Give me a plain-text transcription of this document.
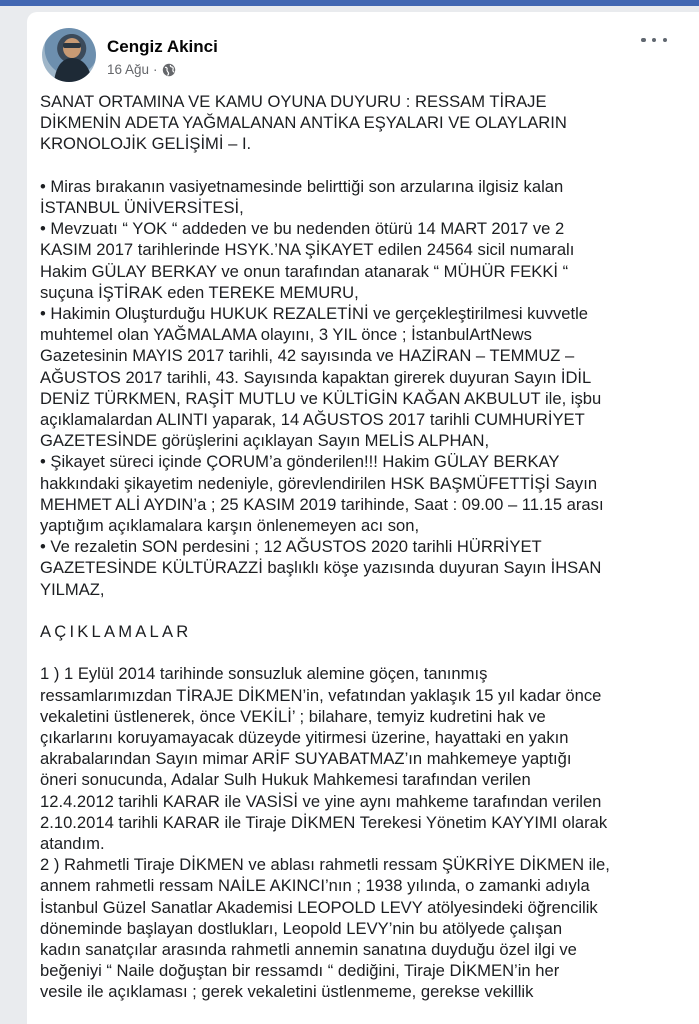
Cengiz Akinci
16 Ağu ·

SANAT ORTAMINA VE KAMU OYUNA DUYURU : RESSAM TİRAJE
DİKMENİN ADETA YAĞMALANAN ANTİKA EŞYALARI VE OLAYLARIN
KRONOLOJİK GELİŞİMİ – I.

• Miras bırakanın vasiyetnamesinde belirttiği son arzularına ilgisiz kalan
İSTANBUL ÜNİVERSİTESİ,
• Mevzuatı “ YOK “ addeden ve bu nedenden ötürü 14 MART 2017 ve 2
KASIM 2017 tarihlerinde HSYK.’NA ŞİKAYET edilen 24564 sicil numaralı
Hakim GÜLAY BERKAY ve onun tarafından atanarak “ MÜHÜR FEKKİ “
suçuna İŞTİRAK eden TEREKE MEMURU,
• Hakimin Oluşturduğu HUKUK REZALETİNİ ve gerçekleştirilmesi kuvvetle
muhtemel olan YAĞMALAMA olayını, 3 YIL önce ; İstanbulArtNews
Gazetesinin MAYIS 2017 tarihli, 42 sayısında ve HAZİRAN – TEMMUZ –
AĞUSTOS 2017 tarihli, 43. Sayısında kapaktan girerek duyuran Sayın İDİL
DENİZ TÜRKMEN, RAŞİT MUTLU ve KÜLTİGİN KAĞAN AKBULUT ile, işbu
açıklamalardan ALINTI yaparak, 14 AĞUSTOS 2017 tarihli CUMHURİYET
GAZETESİNDE görüşlerini açıklayan Sayın MELİS ALPHAN,
• Şikayet süreci içinde ÇORUM’a gönderilen!!! Hakim GÜLAY BERKAY
hakkındaki şikayetim nedeniyle, görevlendirilen HSK BAŞMÜFETTİŞİ Sayın
MEHMET ALİ AYDIN’a ; 25 KASIM 2019 tarihinde, Saat : 09.00 – 11.15 arası
yaptığım açıklamalara karşın önlenemeyen acı son,
• Ve rezaletin SON perdesini ; 12 AĞUSTOS 2020 tarihli HÜRRİYET
GAZETESİNDE KÜLTÜRAZZİ başlıklı köşe yazısında duyuran Sayın İHSAN
YILMAZ,

AÇIKLAMALAR

1 ) 1 Eylül 2014 tarihinde sonsuzluk alemine göçen, tanınmış
ressamlarımızdan TİRAJE DİKMEN’in, vefatından yaklaşık 15 yıl kadar önce
vekaletini üstlenerek, önce VEKİLİ’ ; bilahare, temyiz kudretini hak ve
çıkarlarını koruyamayacak düzeyde yitirmesi üzerine, hayattaki en yakın
akrabalarından Sayın mimar ARİF SUYABATMAZ’ın mahkemeye yaptığı
öneri sonucunda, Adalar Sulh Hukuk Mahkemesi tarafından verilen
12.4.2012 tarihli KARAR ile VASİSİ ve yine aynı mahkeme tarafından verilen
2.10.2014 tarihli KARAR ile Tiraje DİKMEN Terekesi Yönetim KAYYIMI olarak
atandım.
2 ) Rahmetli Tiraje DİKMEN ve ablası rahmetli ressam ŞÜKRİYE DİKMEN ile,
annem rahmetli ressam NAİLE AKINCI’nın ; 1938 yılında, o zamanki adıyla
İstanbul Güzel Sanatlar Akademisi LEOPOLD LEVY atölyesindeki öğrencilik
döneminde başlayan dostlukları, Leopold LEVY’nin bu atölyede çalışan
kadın sanatçılar arasında rahmetli annemin sanatına duyduğu özel ilgi ve
beğeniyi “ Naile doğuştan bir ressamdı “ dediğini, Tiraje DİKMEN’in her
vesile ile açıklaması ; gerek vekaletini üstlenmeme, gerekse vekillik
